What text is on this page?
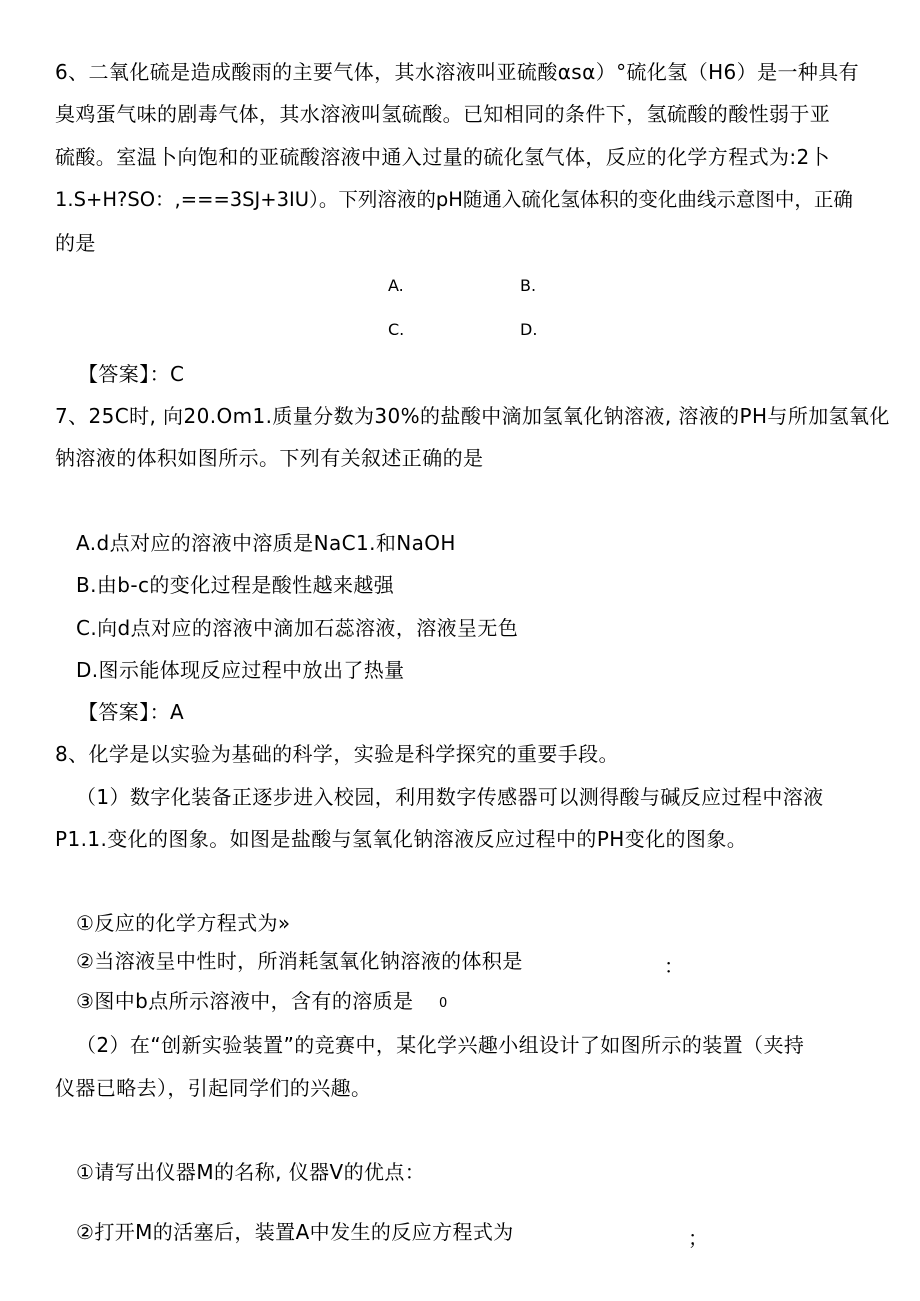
6、二氧化硫是造成酸雨的主要气体，其水溶液叫亚硫酸αsα）°硫化氢（H6）是一种具有
臭鸡蛋气味的剧毒气体，其水溶液叫氢硫酸。已知相同的条件下，氢硫酸的酸性弱于亚
硫酸。室温卜向饱和的亚硫酸溶液中通入过量的硫化氢气体，反应的化学方程式为:2卜
1.S+H?SO：,===3SJ+3IU）。下列溶液的pH随通入硫化氢体积的变化曲线示意图中，正确
的是
A.	B.
C.	D.
【答案】：C
7、25C时, 向20.Om1.质量分数为30%的盐酸中滴加氢氧化钠溶液, 溶液的PH与所加氢氧化
钠溶液的体积如图所示。下列有关叙述正确的是
A.d点对应的溶液中溶质是NaC1.和NaOH
B.由b-c的变化过程是酸性越来越强
C.向d点对应的溶液中滴加石蕊溶液，溶液呈无色
D.图示能体现反应过程中放出了热量
【答案】：A
8、化学是以实验为基础的科学，实验是科学探究的重要手段。
（1）数字化装备正逐步进入校园，利用数字传感器可以测得酸与碱反应过程中溶液
P1.1.变化的图象。如图是盐酸与氢氧化钠溶液反应过程中的PH变化的图象。
①反应的化学方程式为»
②当溶液呈中性时，所消耗氢氧化钠溶液的体积是	：
③图中b点所示溶液中，含有的溶质是 0
（2）在“创新实验装置”的竞赛中，某化学兴趣小组设计了如图所示的装置（夹持
仪器已略去），引起同学们的兴趣。
①请写出仪器M的名称, 仪器V的优点：
②打开M的活塞后，装置A中发生的反应方程式为	；
